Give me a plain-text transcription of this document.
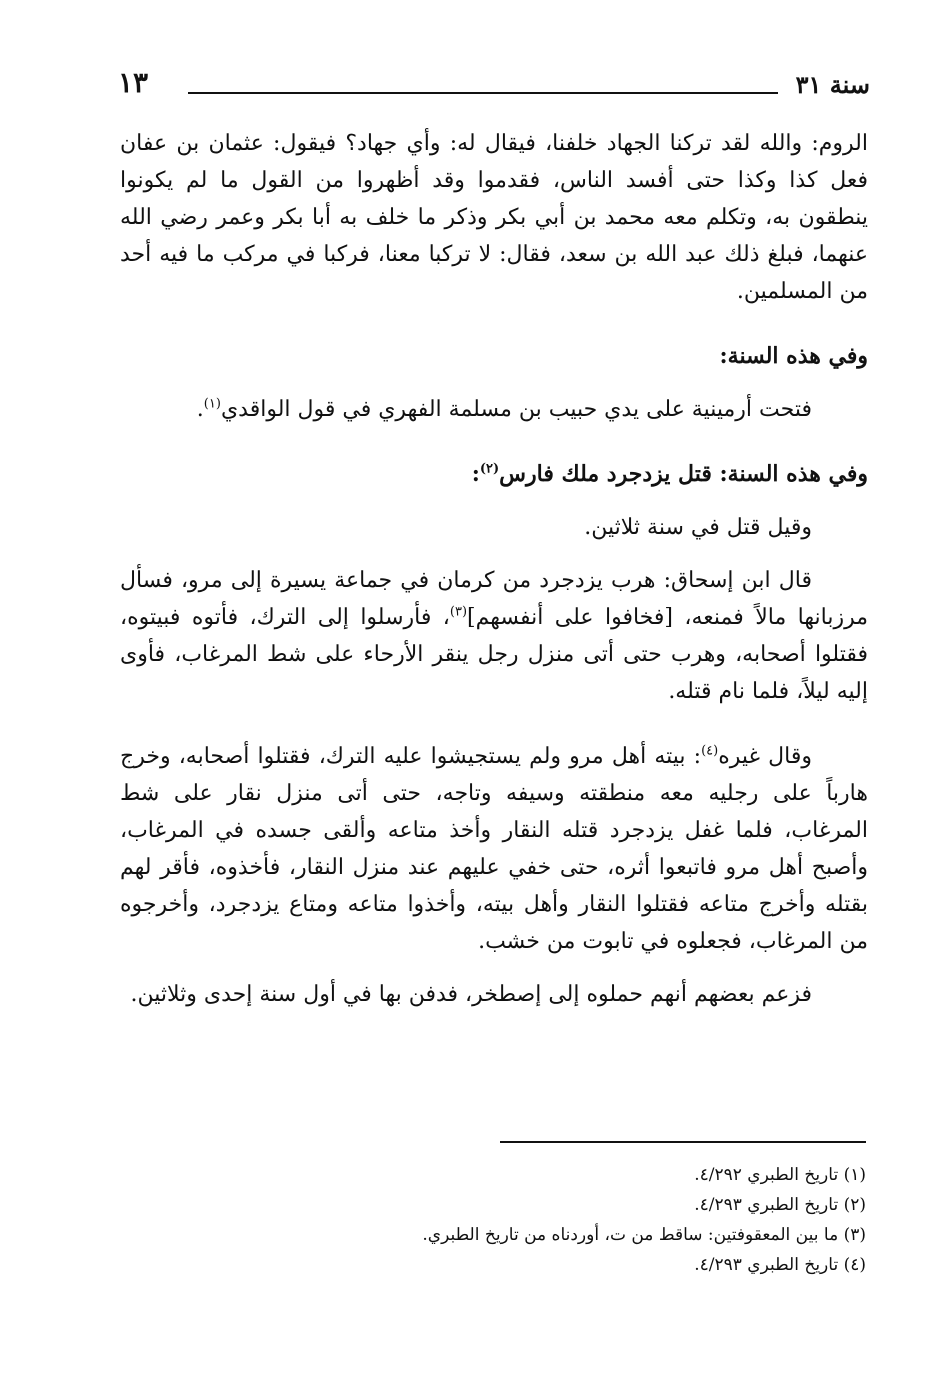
سنة ٣١
١٣

الروم: والله لقد تركنا الجهاد خلفنا، فيقال له: وأي جهاد؟ فيقول: عثمان بن عفان فعل كذا وكذا حتى أفسد الناس، فقدموا وقد أظهروا من القول ما لم يكونوا ينطقون به، وتكلم معه محمد بن أبي بكر وذكر ما خلف به أبا بكر وعمر رضي الله عنهما، فبلغ ذلك عبد الله بن سعد، فقال: لا تركبا معنا، فركبا في مركب ما فيه أحد من المسلمين.

وفي هذه السنة:

فتحت أرمينية على يدي حبيب بن مسلمة الفهري في قول الواقدي$^{(١)}$.

وفي هذه السنة: قتل يزدجرد ملك فارس$^{(٢)}$:

وقيل قتل في سنة ثلاثين.

قال ابن إسحاق: هرب يزدجرد من كرمان في جماعة يسيرة إلى مرو، فسأل مرزبانها مالاً فمنعه، [فخافوا على أنفسهم]$^{(٣)}$، فأرسلوا إلى الترك، فأتوه فبيتوه، فقتلوا أصحابه، وهرب حتى أتى منزل رجل ينقر الأرحاء على شط المرغاب، فأوى إليه ليلاً، فلما نام قتله.

وقال غيره$^{(٤)}$: بيته أهل مرو ولم يستجيشوا عليه الترك، فقتلوا أصحابه، وخرج هارباً على رجليه معه منطقته وسيفه وتاجه، حتى أتى منزل نقار على شط المرغاب، فلما غفل يزدجرد قتله النقار وأخذ متاعه وألقى جسده في المرغاب، وأصبح أهل مرو فاتبعوا أثره، حتى خفي عليهم عند منزل النقار، فأخذوه، فأقر لهم بقتله وأخرج متاعه فقتلوا النقار وأهل بيته، وأخذوا متاعه ومتاع يزدجرد، وأخرجوه من المرغاب، فجعلوه في تابوت من خشب.

فزعم بعضهم أنهم حملوه إلى إصطخر، فدفن بها في أول سنة إحدى وثلاثين.

(١) تاريخ الطبري ٤/٢٩٢.
(٢) تاريخ الطبري ٤/٢٩٣.
(٣) ما بين المعقوفتين: ساقط من ت، أوردناه من تاريخ الطبري.
(٤) تاريخ الطبري ٤/٢٩٣.
